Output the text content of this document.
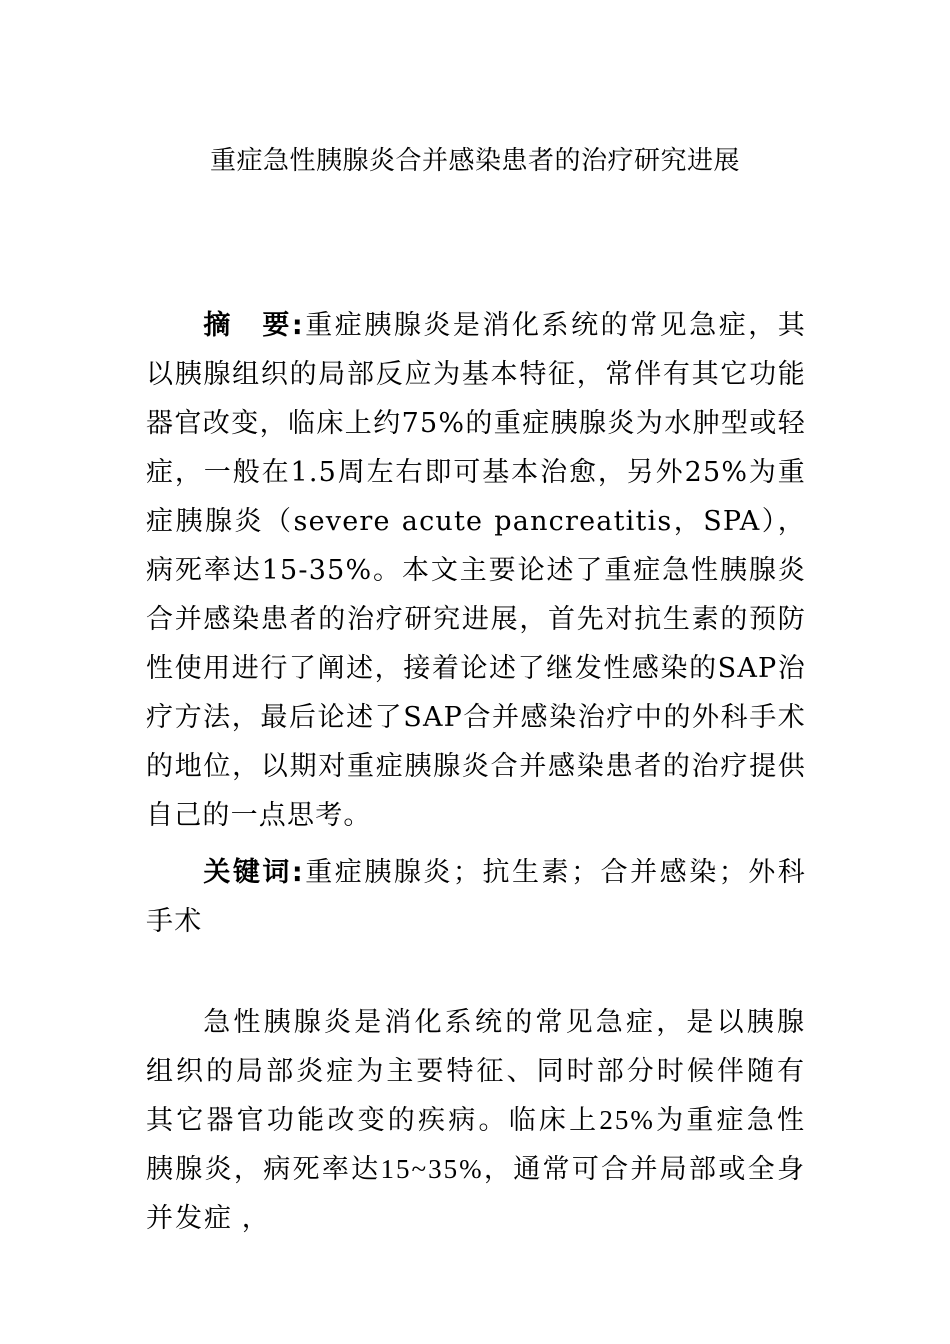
重症急性胰腺炎合并感染患者的治疗研究进展
摘　要:重症胰腺炎是消化系统的常见急症，其以胰腺组织的局部反应为基本特征，常伴有其它功能器官改变，临床上约75%的重症胰腺炎为水肿型或轻症，一般在1.5周左右即可基本治愈，另外25%为重症胰腺炎（severe acute pancreatitis，SPA），病死率达15-35%。本文主要论述了重症急性胰腺炎合并感染患者的治疗研究进展，首先对抗生素的预防性使用进行了阐述，接着论述了继发性感染的SAP治疗方法，最后论述了SAP合并感染治疗中的外科手术的地位，以期对重症胰腺炎合并感染患者的治疗提供自己的一点思考。
关键词:重症胰腺炎；抗生素；合并感染；外科手术
急性胰腺炎是消化系统的常见急症，是以胰腺组织的局部炎症为主要特征、同时部分时候伴随有其它器官功能改变的疾病。临床上25%为重症急性胰腺炎，病死率达15~35%，通常可合并局部或全身并发症 ，
